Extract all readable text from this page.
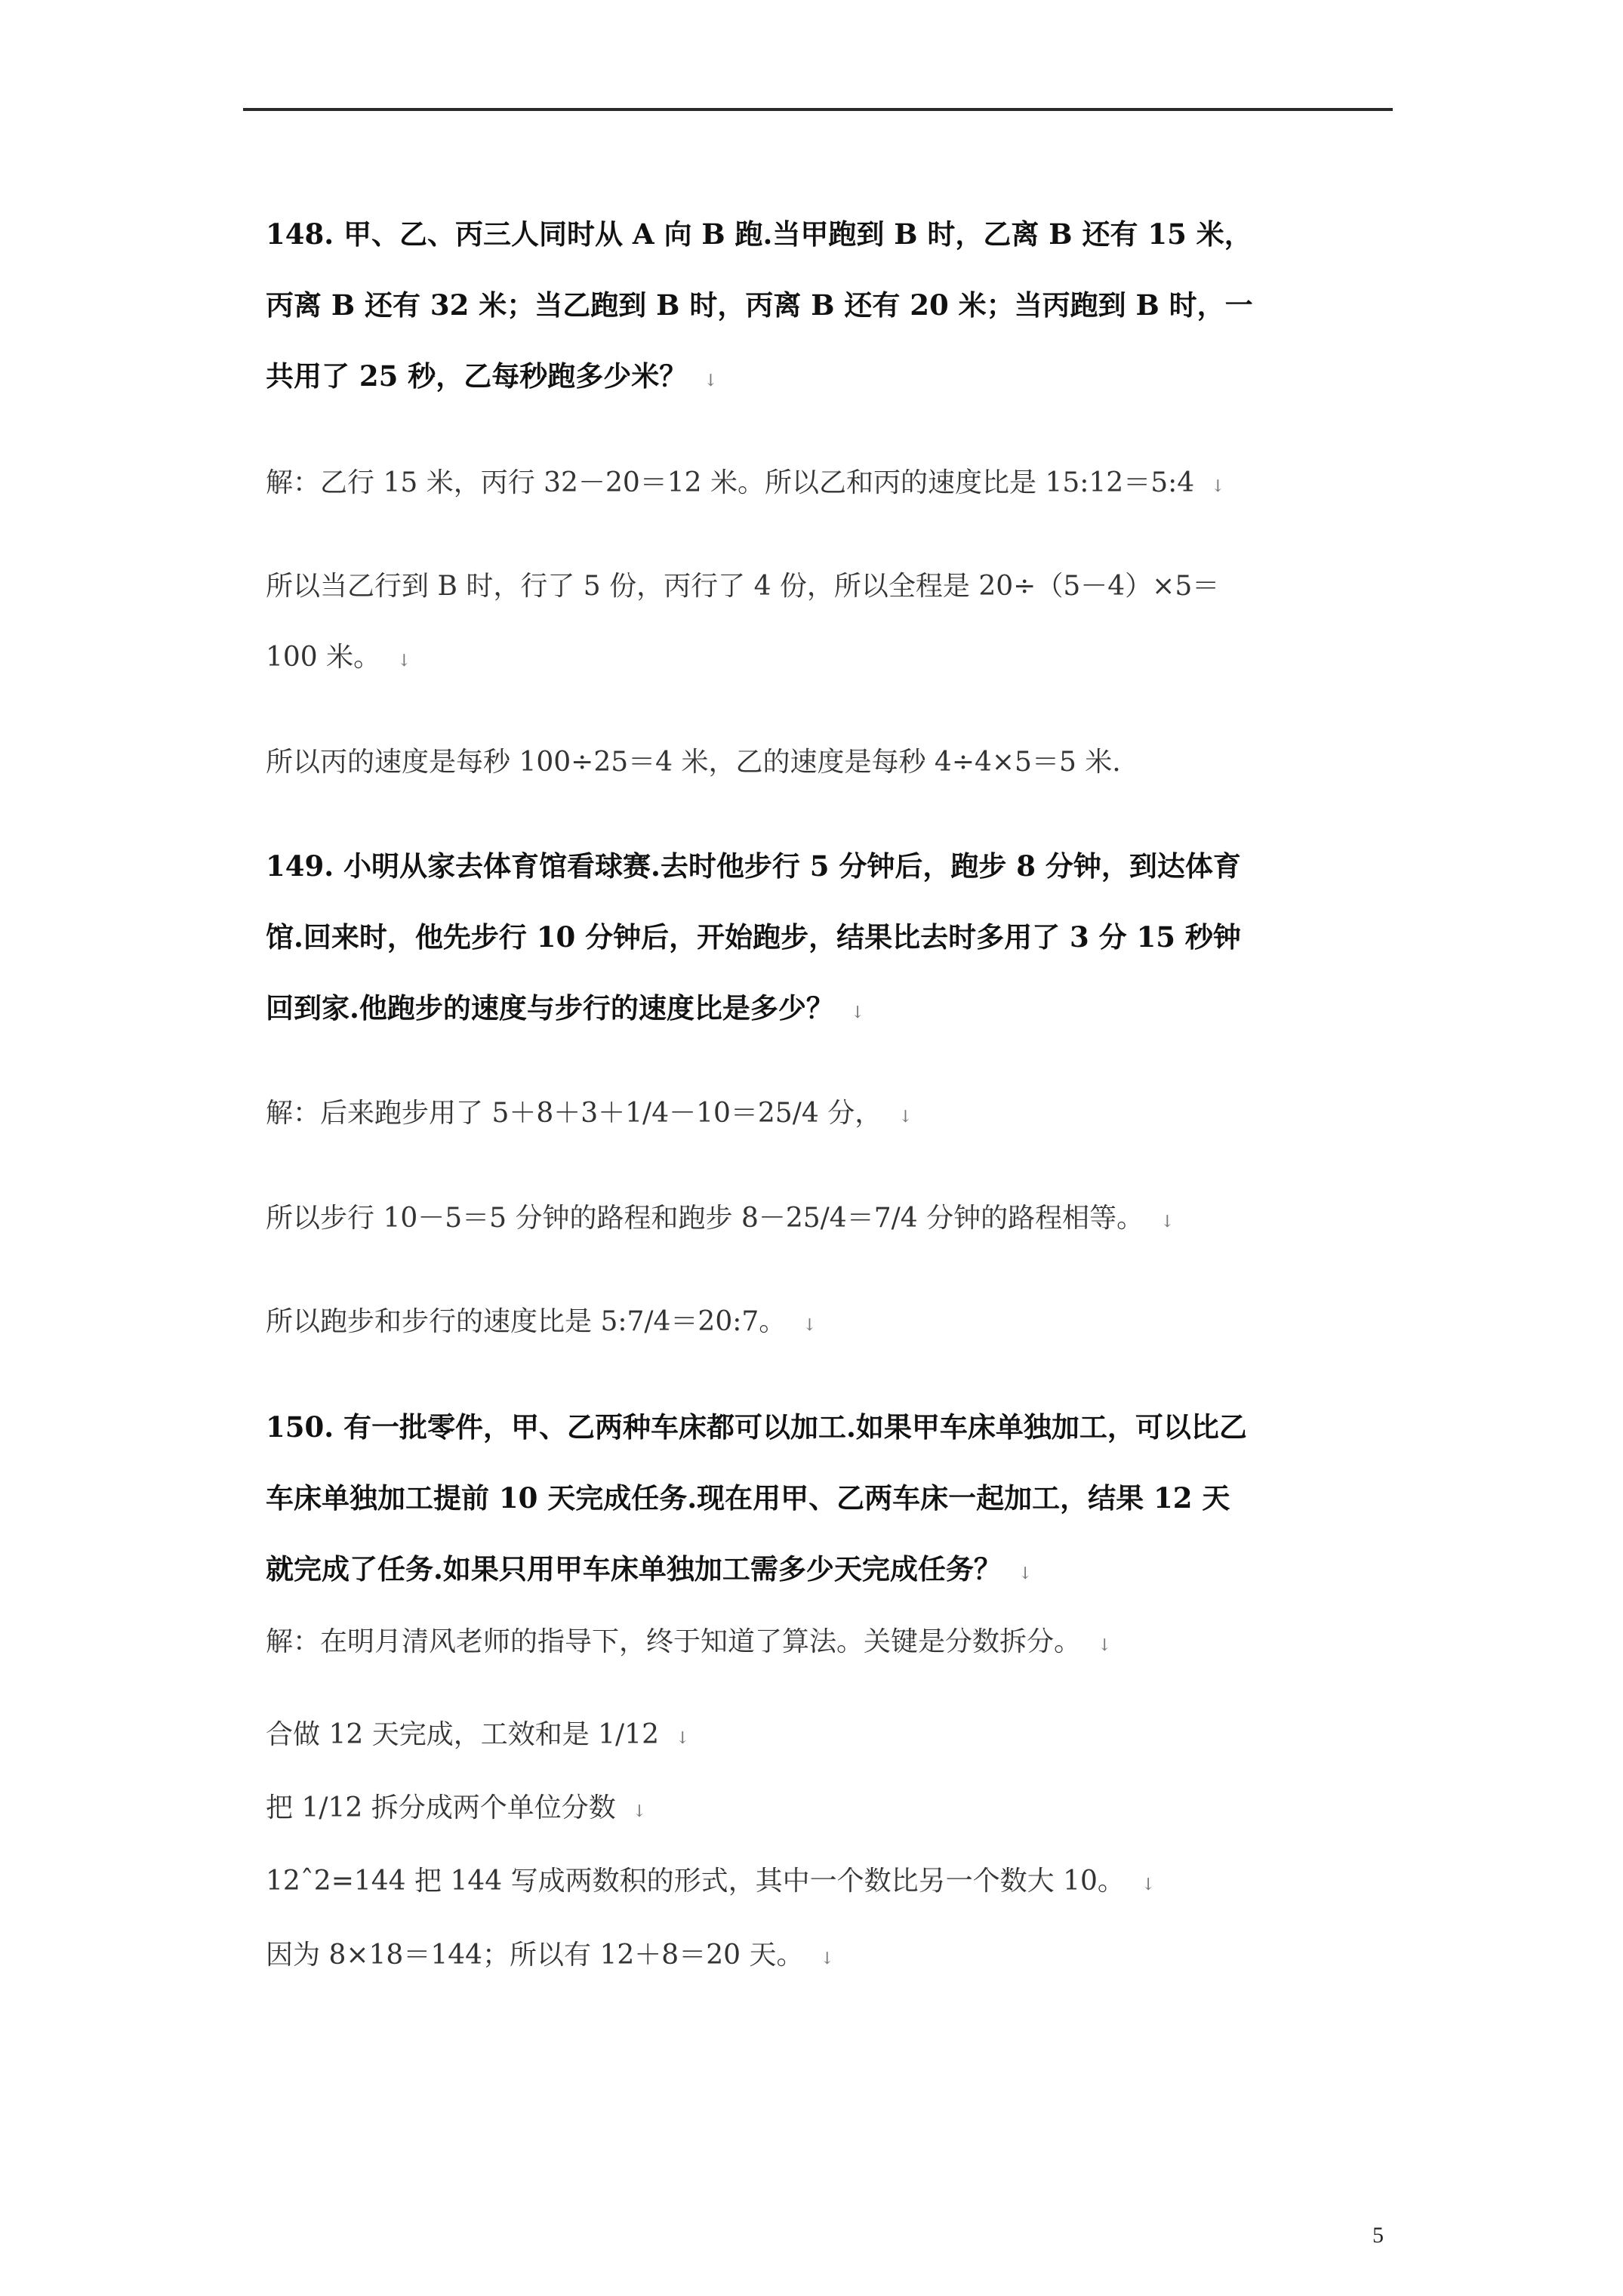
148. 甲、乙、丙三人同时从 A 向 B 跑.当甲跑到 B 时，乙离 B 还有 15 米，丙离 B 还有 32 米；当乙跑到 B 时，丙离 B 还有 20 米；当丙跑到 B 时，一共用了 25 秒，乙每秒跑多少米？ ↓
解：乙行 15 米，丙行 32－20＝12 米。所以乙和丙的速度比是 15:12＝5:4 ↓
所以当乙行到 B 时，行了 5 份，丙行了 4 份，所以全程是 20÷（5－4）×5＝100 米。 ↓
所以丙的速度是每秒 100÷25＝4 米，乙的速度是每秒 4÷4×5＝5 米.
149. 小明从家去体育馆看球赛.去时他步行 5 分钟后，跑步 8 分钟，到达体育馆.回来时，他先步行 10 分钟后，开始跑步，结果比去时多用了 3 分 15 秒钟回到家.他跑步的速度与步行的速度比是多少？ ↓
解：后来跑步用了 5＋8＋3＋1/4－10＝25/4 分， ↓
所以步行 10－5＝5 分钟的路程和跑步 8－25/4＝7/4 分钟的路程相等。 ↓
所以跑步和步行的速度比是 5:7/4＝20:7。 ↓
150. 有一批零件，甲、乙两种车床都可以加工.如果甲车床单独加工，可以比乙车床单独加工提前 10 天完成任务.现在用甲、乙两车床一起加工，结果 12 天就完成了任务.如果只用甲车床单独加工需多少天完成任务？ ↓
解：在明月清风老师的指导下，终于知道了算法。关键是分数拆分。 ↓
合做 12 天完成，工效和是 1/12 ↓
把 1/12 拆分成两个单位分数 ↓
12ˆ2=144 把 144 写成两数积的形式，其中一个数比另一个数大 10。 ↓
因为 8×18＝144；所以有 12＋8＝20 天。 ↓
5
